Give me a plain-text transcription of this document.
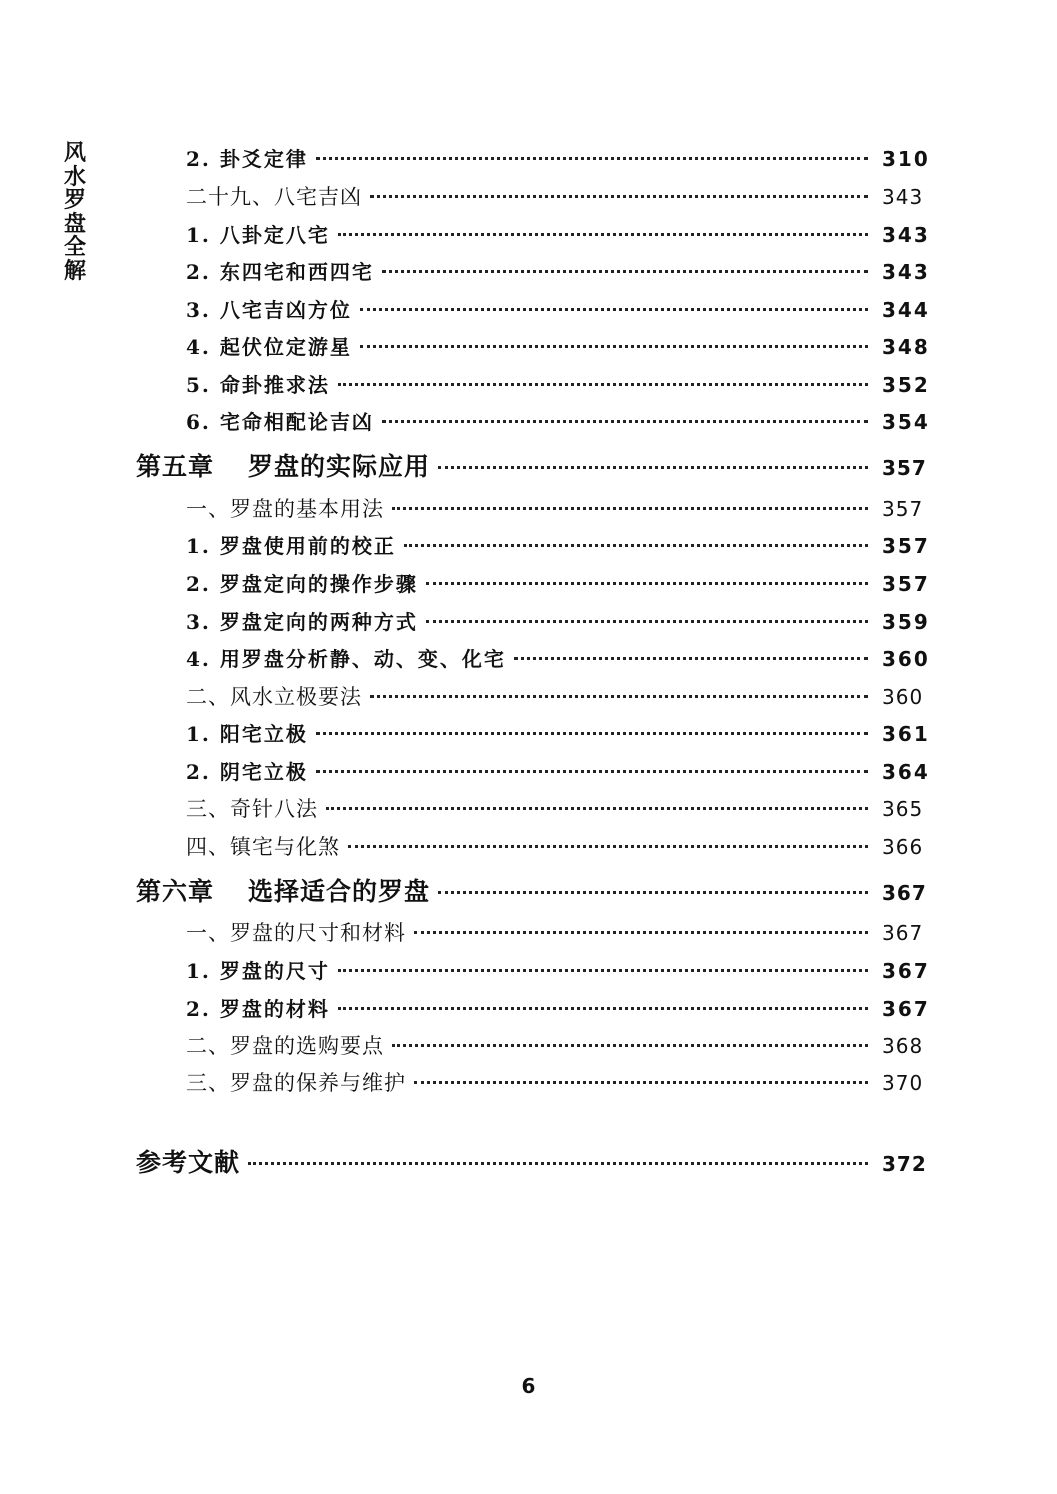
风
水
罗
盘
全
解
2. 卦爻定律	310
二十九、八宅吉凶	343
1. 八卦定八宅	343
2. 东四宅和西四宅	343
3. 八宅吉凶方位	344
4. 起伏位定游星	348
5. 命卦推求法	352
6. 宅命相配论吉凶	354
第五章 罗盘的实际应用	357
一、罗盘的基本用法	357
1. 罗盘使用前的校正	357
2. 罗盘定向的操作步骤	357
3. 罗盘定向的两种方式	359
4. 用罗盘分析静、动、变、化宅	360
二、风水立极要法	360
1. 阳宅立极	361
2. 阴宅立极	364
三、奇针八法	365
四、镇宅与化煞	366
第六章 选择适合的罗盘	367
一、罗盘的尺寸和材料	367
1. 罗盘的尺寸	367
2. 罗盘的材料	367
二、罗盘的选购要点	368
三、罗盘的保养与维护	370
参考文献	372
6
